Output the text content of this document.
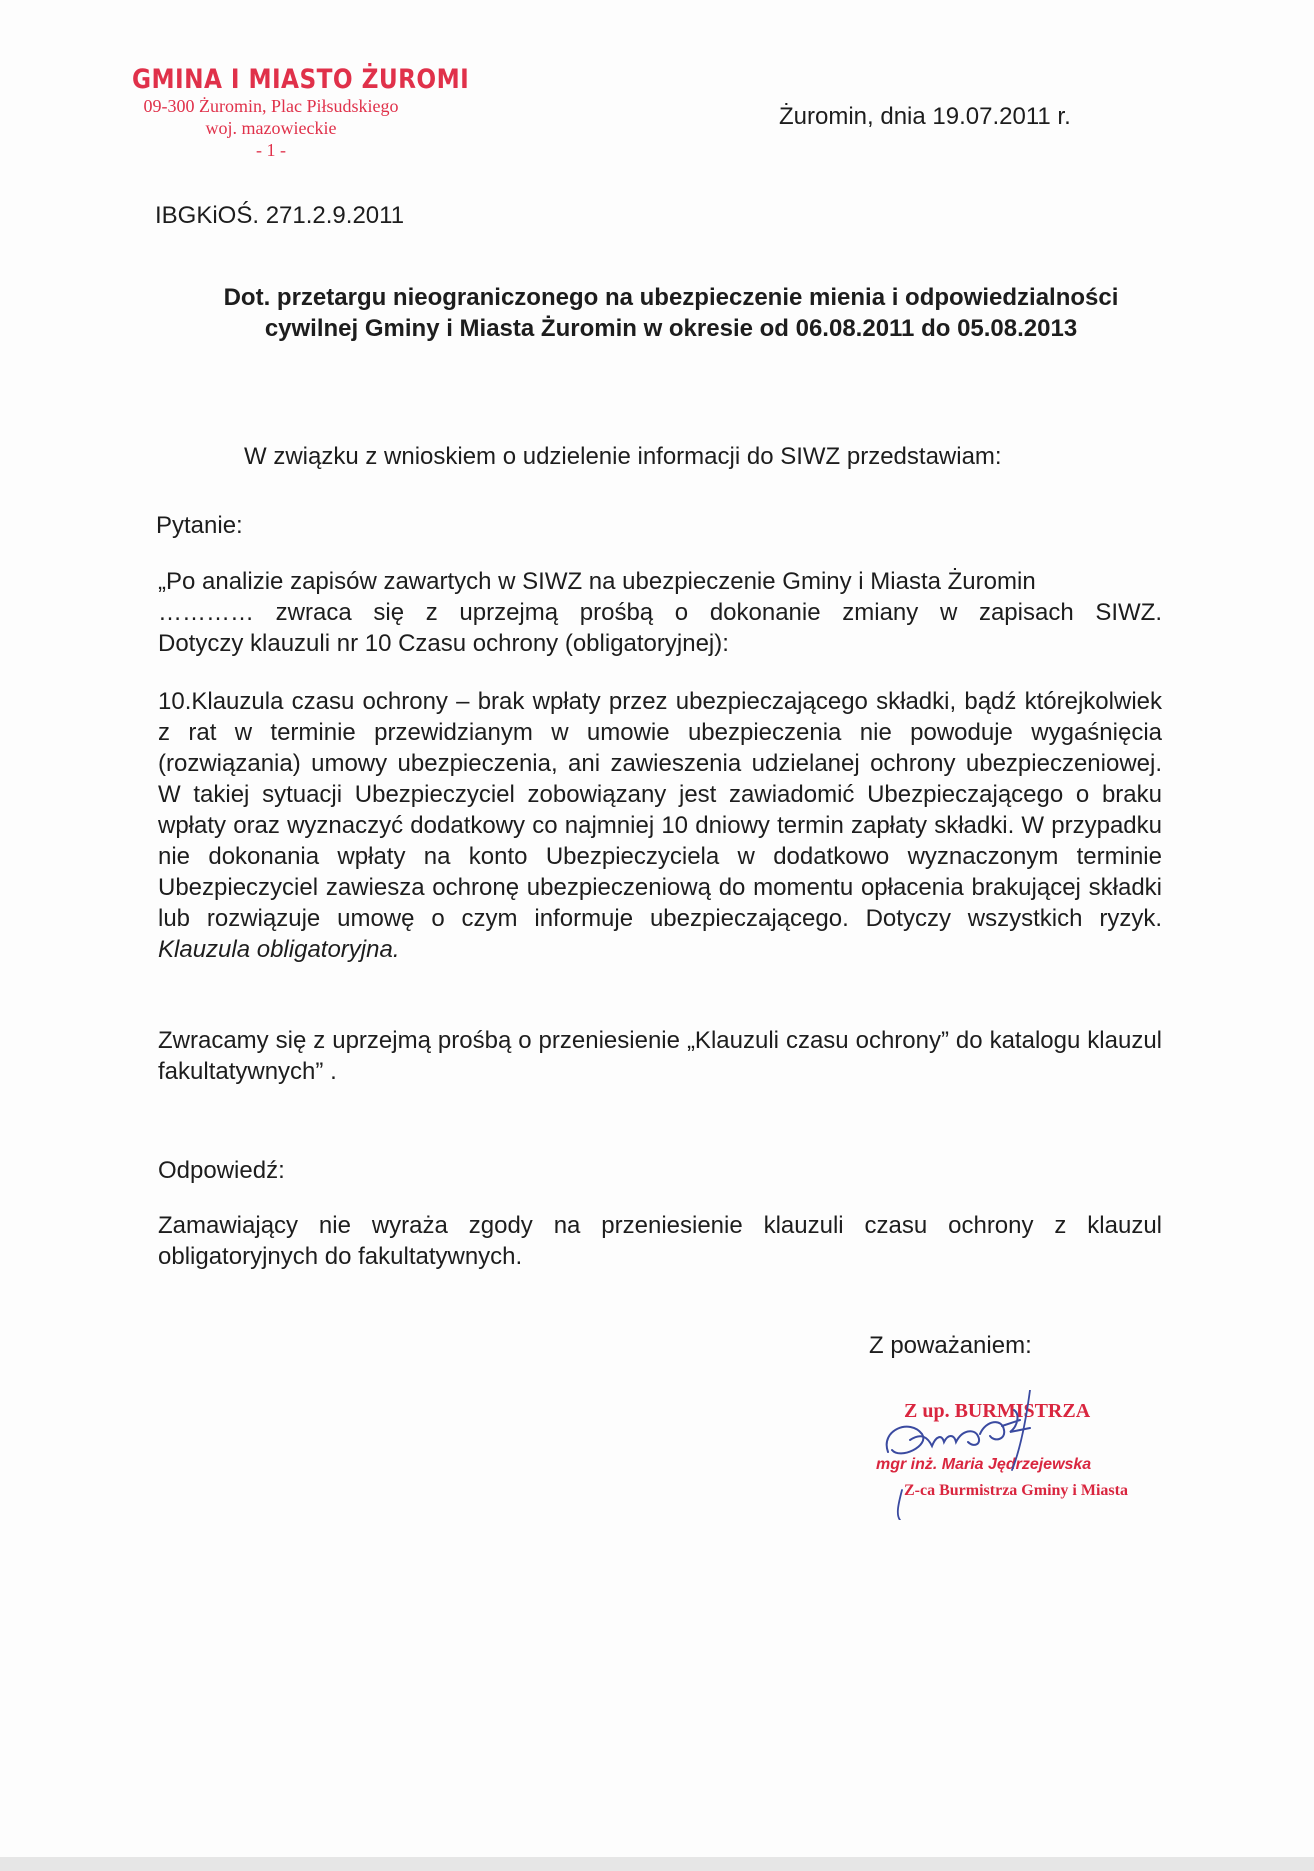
GMINA I MIASTO ŻUROMI
09-300 Żuromin, Plac Piłsudskiego
woj. mazowieckie
- 1 -
Żuromin, dnia 19.07.2011 r.
IBGKiOŚ. 271.2.9.2011
Dot. przetargu nieograniczonego na ubezpieczenie mienia i odpowiedzialności
cywilnej Gminy i Miasta Żuromin w okresie od 06.08.2011 do 05.08.2013
W związku z wnioskiem o udzielenie informacji do SIWZ przedstawiam:
Pytanie:
„Po analizie zapisów zawartych w SIWZ na ubezpieczenie Gminy i Miasta Żuromin
………… zwraca się z uprzejmą prośbą o dokonanie zmiany w zapisach SIWZ.
Dotyczy klauzuli nr 10 Czasu ochrony (obligatoryjnej):
10.Klauzula czasu ochrony – brak wpłaty przez ubezpieczającego składki, bądź którejkolwiek z rat w terminie przewidzianym w umowie ubezpieczenia nie powoduje wygaśnięcia (rozwiązania) umowy ubezpieczenia, ani zawieszenia udzielanej ochrony ubezpieczeniowej. W takiej sytuacji Ubezpieczyciel zobowiązany jest zawiadomić Ubezpieczającego o braku wpłaty oraz wyznaczyć dodatkowy co najmniej 10 dniowy termin zapłaty składki. W przypadku nie dokonania wpłaty na konto Ubezpieczyciela w dodatkowo wyznaczonym terminie Ubezpieczyciel zawiesza ochronę ubezpieczeniową do momentu opłacenia brakującej składki lub rozwiązuje umowę o czym informuje ubezpieczającego. Dotyczy wszystkich ryzyk. Klauzula obligatoryjna.
Zwracamy się z uprzejmą prośbą o przeniesienie „Klauzuli czasu ochrony” do katalogu klauzul fakultatywnych” .
Odpowiedź:
Zamawiający nie wyraża zgody na przeniesienie klauzuli czasu ochrony z klauzul obligatoryjnych do fakultatywnych.
Z poważaniem:
Z up. BURMISTRZA
mgr inż. Maria Jędrzejewska
Z-ca Burmistrza Gminy i Miasta
